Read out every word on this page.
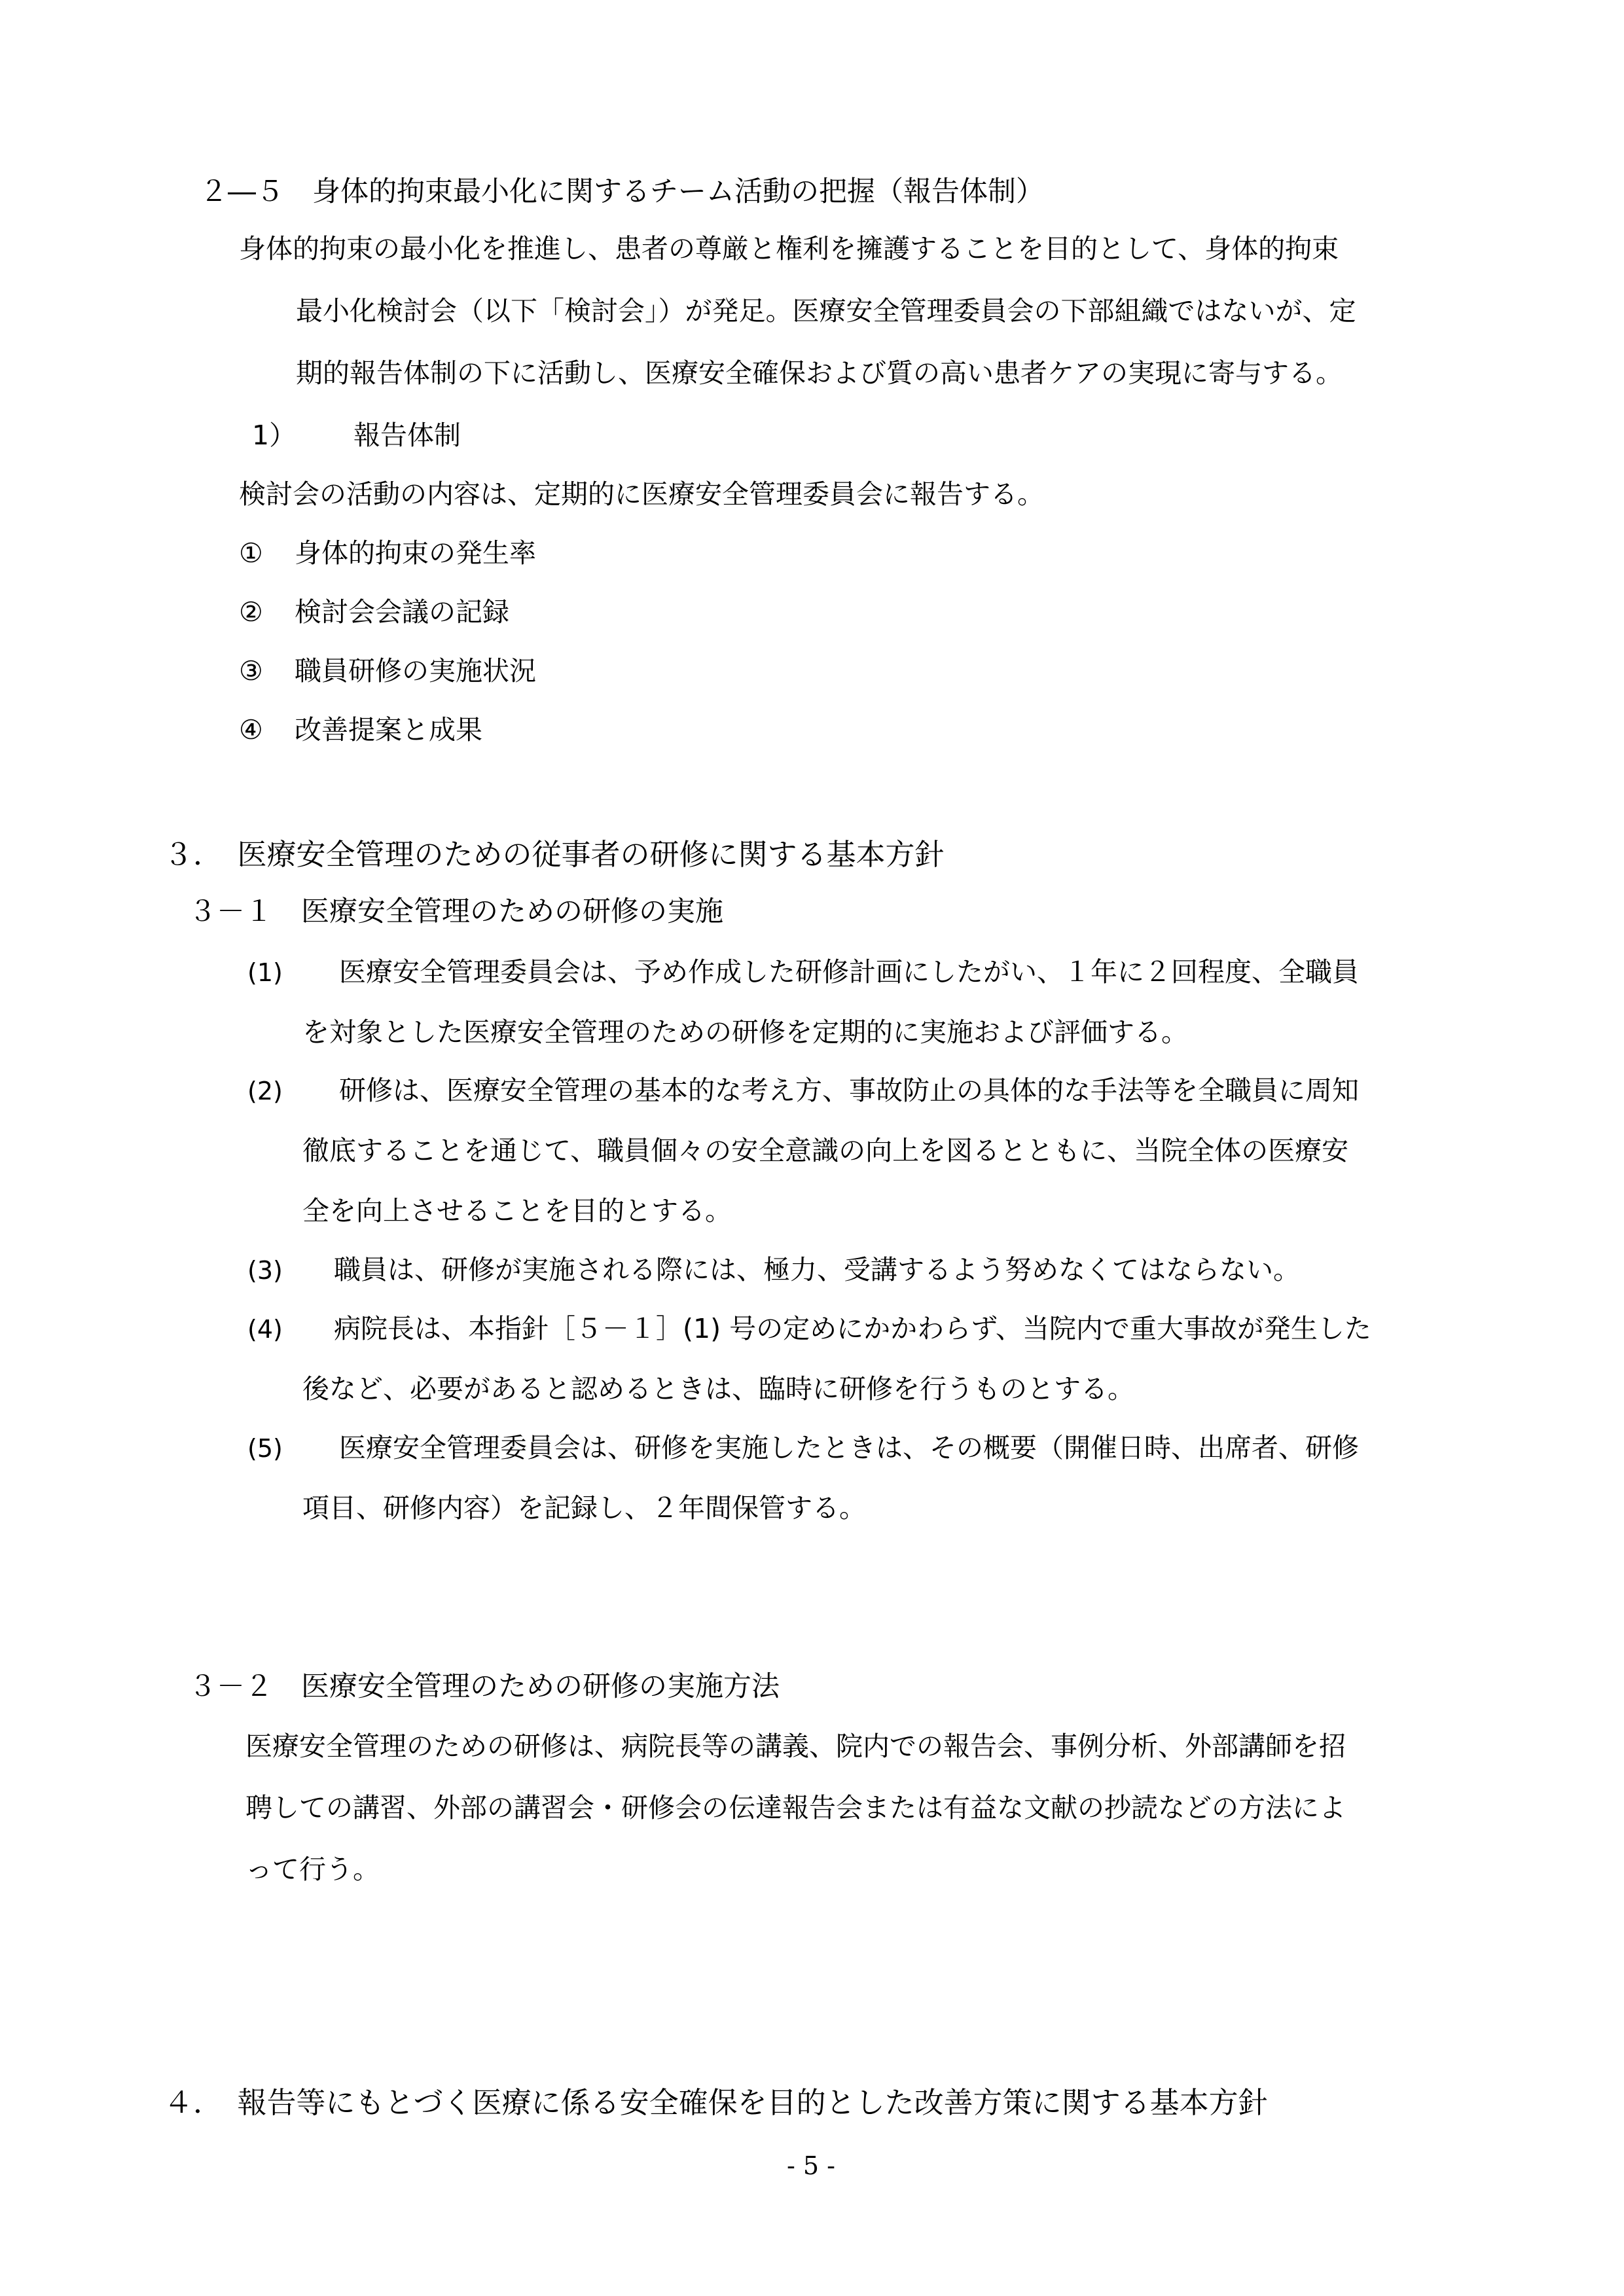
２―５　身体的拘束最小化に関するチーム活動の把握（報告体制）
身体的拘束の最小化を推進し、患者の尊厳と権利を擁護することを目的として、身体的拘束
最小化検討会（以下「検討会」）が発足。医療安全管理委員会の下部組織ではないが、定
期的報告体制の下に活動し、医療安全確保および質の高い患者ケアの実現に寄与する。
1） 報告体制
検討会の活動の内容は、定期的に医療安全管理委員会に報告する。
① 身体的拘束の発生率
② 検討会会議の記録
③ 職員研修の実施状況
④ 改善提案と成果
３．　医療安全管理のための従事者の研修に関する基本方針
３－１　医療安全管理のための研修の実施
(1) 医療安全管理委員会は、予め作成した研修計画にしたがい、１年に２回程度、全職員
を対象とした医療安全管理のための研修を定期的に実施および評価する。
(2) 研修は、医療安全管理の基本的な考え方、事故防止の具体的な手法等を全職員に周知
徹底することを通じて、職員個々の安全意識の向上を図るとともに、当院全体の医療安
全を向上させることを目的とする。
(3) 職員は、研修が実施される際には、極力、受講するよう努めなくてはならない。
(4) 病院長は、本指針［５－１］(1) 号の定めにかかわらず、当院内で重大事故が発生した
後など、必要があると認めるときは、臨時に研修を行うものとする。
(5) 医療安全管理委員会は、研修を実施したときは、その概要（開催日時、出席者、研修
項目、研修内容）を記録し、２年間保管する。
３－２　医療安全管理のための研修の実施方法
医療安全管理のための研修は、病院長等の講義、院内での報告会、事例分析、外部講師を招
聘しての講習、外部の講習会・研修会の伝達報告会または有益な文献の抄読などの方法によ
って行う。
４．　報告等にもとづく医療に係る安全確保を目的とした改善方策に関する基本方針
- 5 -
